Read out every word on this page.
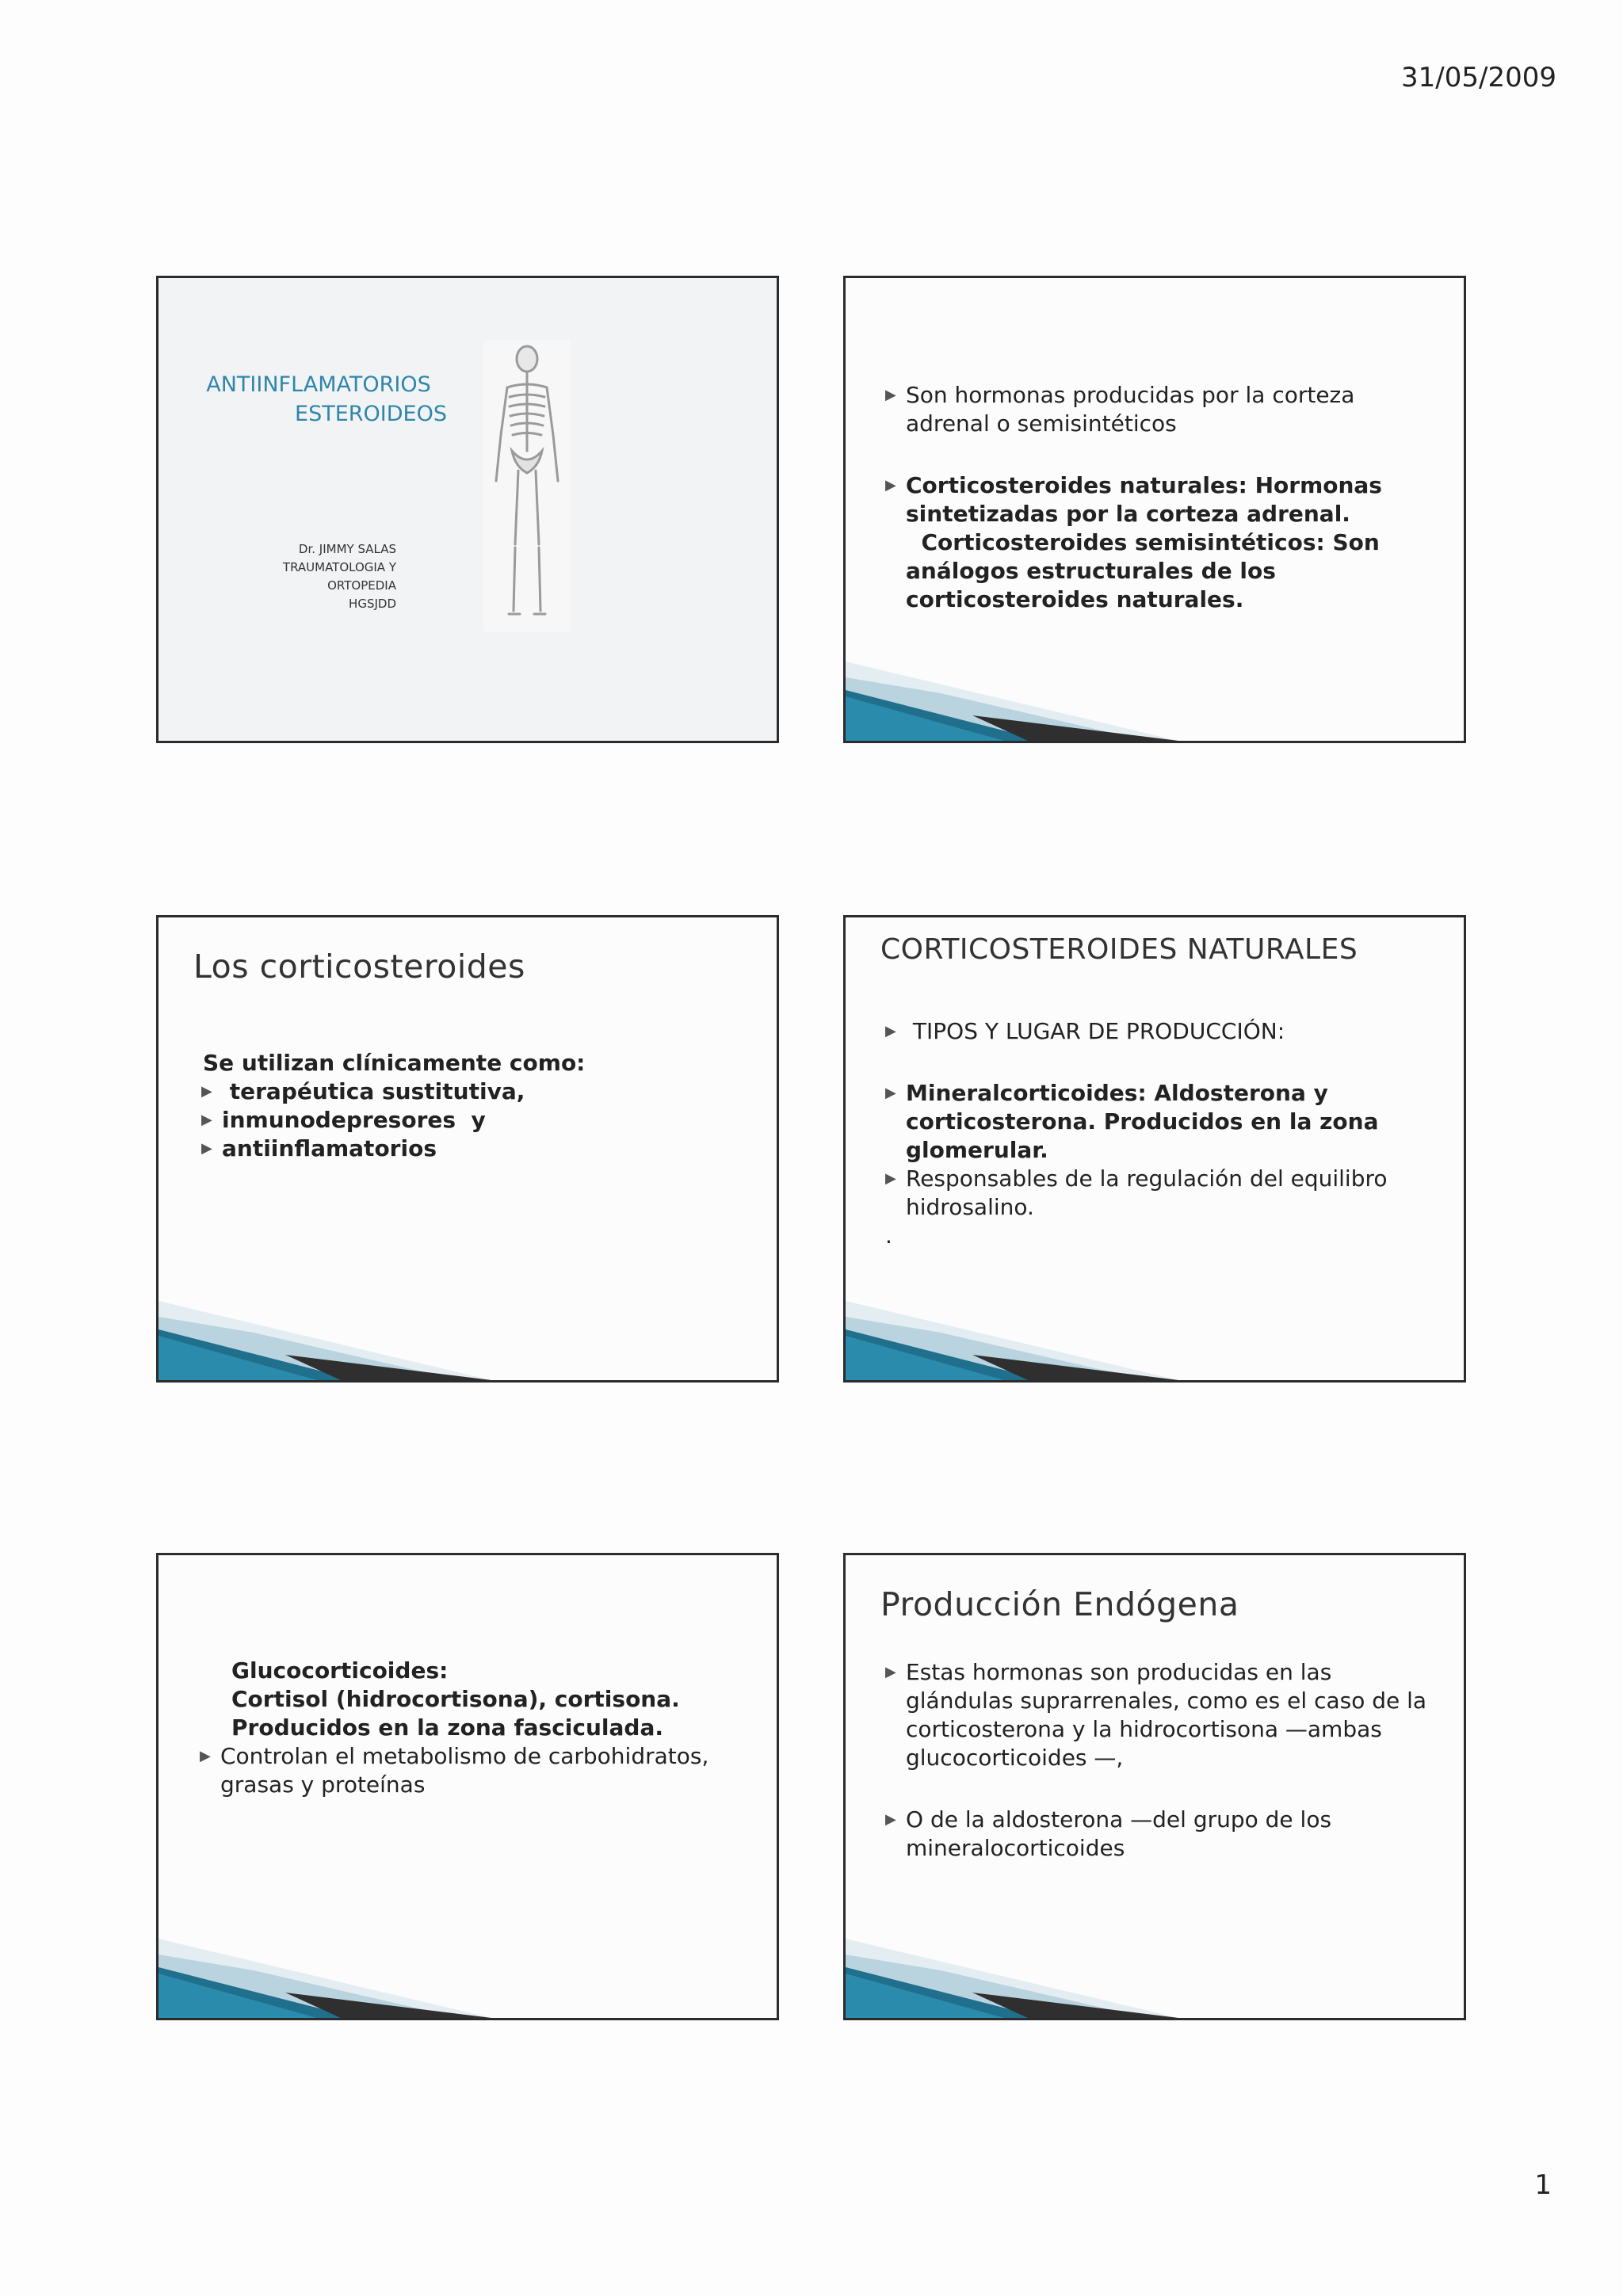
31/05/2009
ANTIINFLAMATORIOS
ESTEROIDEOS
Dr. JIMMY SALAS
TRAUMATOLOGIA Y
ORTOPEDIA
HGSJDD
▶ Son hormonas producidas por la corteza adrenal o semisintéticos
▶ Corticosteroides naturales: Hormonas sintetizadas por la corteza adrenal.
Corticosteroides semisintéticos: Son análogos estructurales de los corticosteroides naturales.
Los corticosteroides
Se utilizan clínicamente como:
▶ terapéutica sustitutiva,
▶ inmunodepresores  y
▶ antiinflamatorios
CORTICOSTEROIDES NATURALES
▶ TIPOS Y LUGAR DE PRODUCCIÓN:
▶ Mineralcorticoides: Aldosterona y corticosterona. Producidos en la zona glomerular.
▶ Responsables de la regulación del equilibro hidrosalino.
.
Glucocorticoides:
Cortisol (hidrocortisona), cortisona.
Producidos en la zona fasciculada.
▶ Controlan el metabolismo de carbohidratos, grasas y proteínas
Producción Endógena
▶ Estas hormonas son producidas en las glándulas suprarrenales, como es el caso de la corticosterona y la hidrocortisona —ambas glucocorticoides —,
▶ O de la aldosterona —del grupo de los mineralocorticoides
1
